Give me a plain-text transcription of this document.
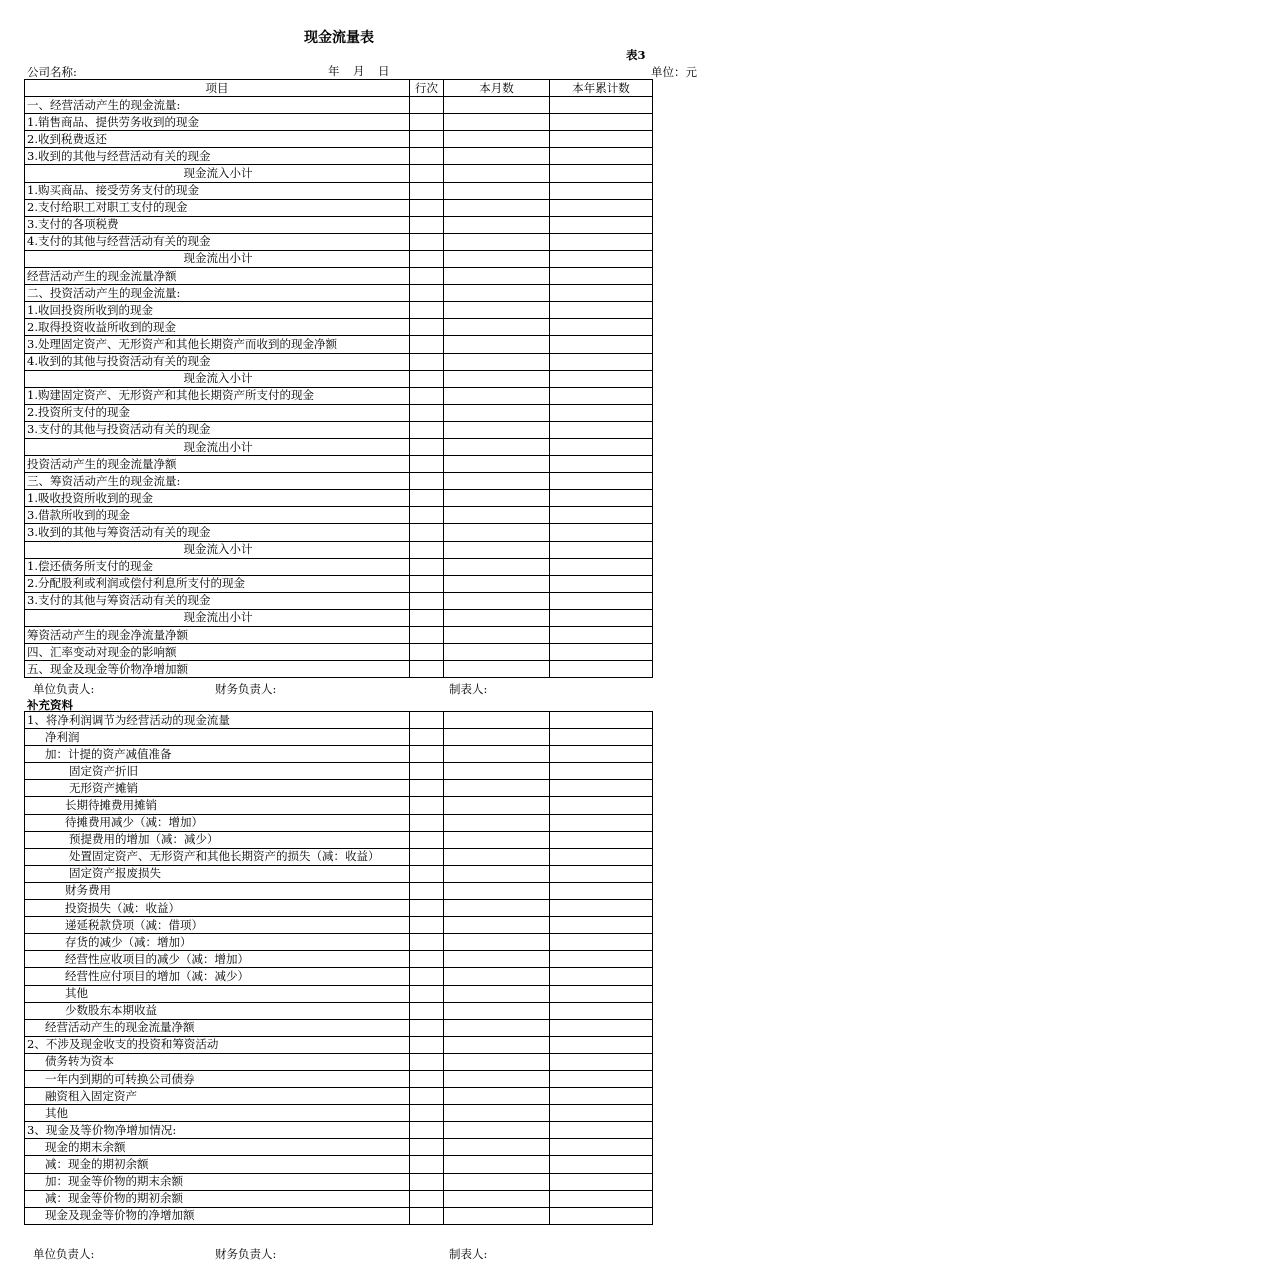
现金流量表
表3
公司名称:	年　月　日	单位：元
项目	行次	本月数	本年累计数
一、经营活动产生的现金流量:			
1.销售商品、提供劳务收到的现金			
2.收到税费返还			
3.收到的其他与经营活动有关的现金			
现金流入小计			
1.购买商品、接受劳务支付的现金			
2.支付给职工对职工支付的现金			
3.支付的各项税费			
4.支付的其他与经营活动有关的现金			
现金流出小计			
经营活动产生的现金流量净额			
二、投资活动产生的现金流量:			
1.收回投资所收到的现金			
2.取得投资收益所收到的现金			
3.处理固定资产、无形资产和其他长期资产而收到的现金净额			
4.收到的其他与投资活动有关的现金			
现金流入小计			
1.购建固定资产、无形资产和其他长期资产所支付的现金			
2.投资所支付的现金			
3.支付的其他与投资活动有关的现金			
现金流出小计			
投资活动产生的现金流量净额			
三、筹资活动产生的现金流量:			
1.吸收投资所收到的现金			
3.借款所收到的现金			
3.收到的其他与筹资活动有关的现金			
现金流入小计			
1.偿还债务所支付的现金			
2.分配股利或利润或偿付利息所支付的现金			
3.支付的其他与筹资活动有关的现金			
现金流出小计			
筹资活动产生的现金净流量净额			
四、汇率变动对现金的影响额			
五、现金及现金等价物净增加额			
单位负责人:	财务负责人:	制表人:
补充资料
1、将净利润调节为经营活动的现金流量			
净利润			
加：计提的资产减值准备			
固定资产折旧			
无形资产摊销			
长期待摊费用摊销			
待摊费用减少（减：增加）			
预提费用的增加（减：减少）			
处置固定资产、无形资产和其他长期资产的损失（减：收益）			
固定资产报废损失			
财务费用			
投资损失（减：收益）			
递延税款贷项（减：借项）			
存货的减少（减：增加）			
经营性应收项目的减少（减：增加）			
经营性应付项目的增加（减：减少）			
其他			
少数股东本期收益			
经营活动产生的现金流量净额			
2、不涉及现金收支的投资和筹资活动			
债务转为资本			
一年内到期的可转换公司债券			
融资租入固定资产			
其他			
3、现金及等价物净增加情况:			
现金的期末余额			
减：现金的期初余额			
加：现金等价物的期末余额			
减：现金等价物的期初余额			
现金及现金等价物的净增加额			
单位负责人:	财务负责人:	制表人:
